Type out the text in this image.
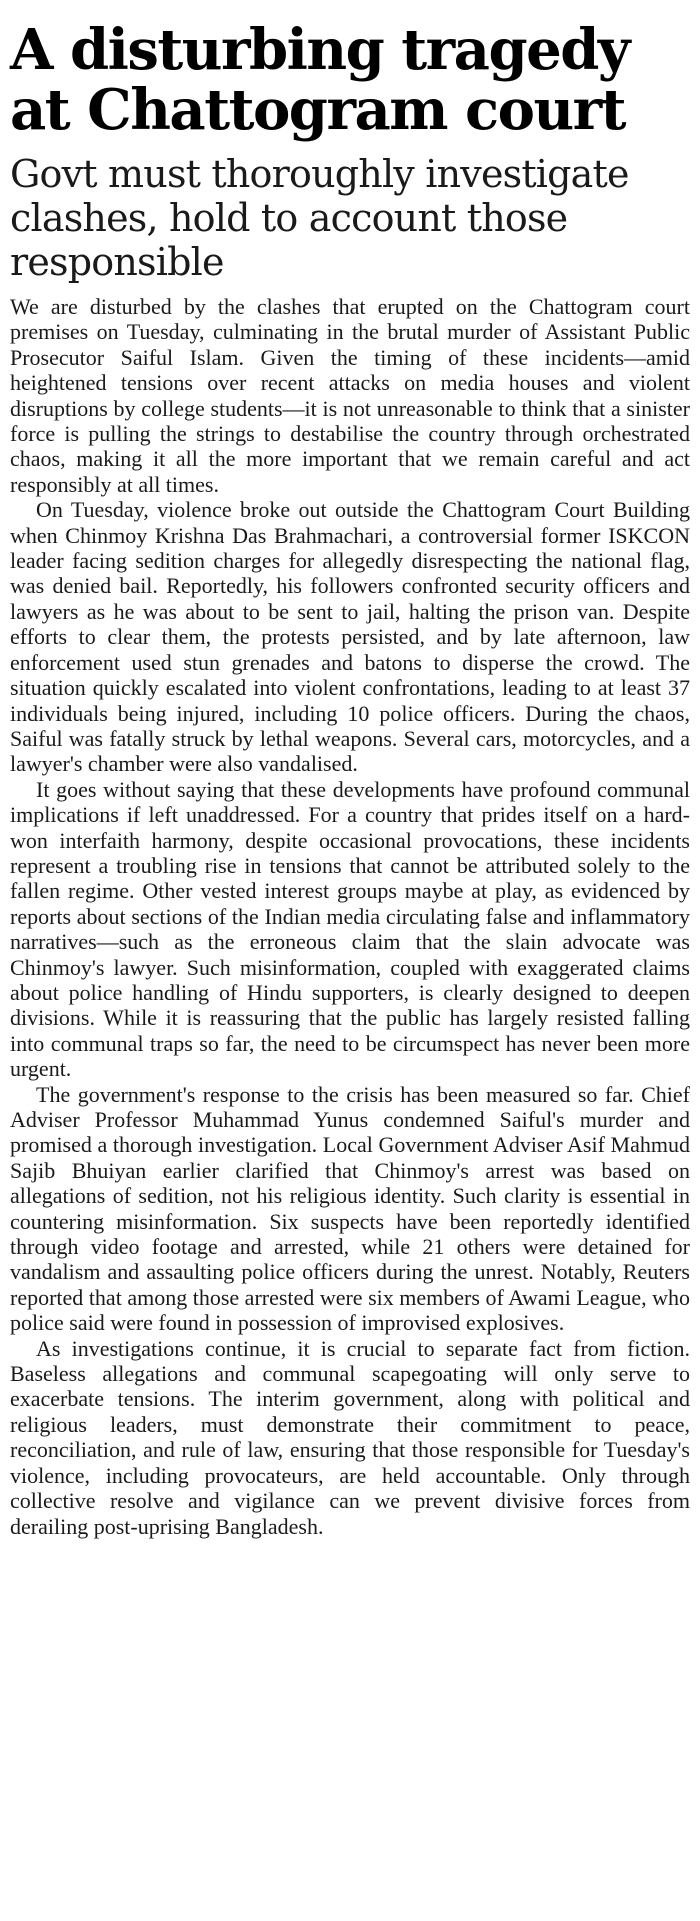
A disturbing tragedy at Chattogram court
Govt must thoroughly investigate clashes, hold to account those responsible

We are disturbed by the clashes that erupted on the Chattogram court premises on Tuesday, culminating in the brutal murder of Assistant Public Prosecutor Saiful Islam. Given the timing of these incidents—amid heightened tensions over recent attacks on media houses and violent disruptions by college students—it is not unreasonable to think that a sinister force is pulling the strings to destabilise the country through orchestrated chaos, making it all the more important that we remain careful and act responsibly at all times.

On Tuesday, violence broke out outside the Chattogram Court Building when Chinmoy Krishna Das Brahmachari, a controversial former ISKCON leader facing sedition charges for allegedly disrespecting the national flag, was denied bail. Reportedly, his followers confronted security officers and lawyers as he was about to be sent to jail, halting the prison van. Despite efforts to clear them, the protests persisted, and by late afternoon, law enforcement used stun grenades and batons to disperse the crowd. The situation quickly escalated into violent confrontations, leading to at least 37 individuals being injured, including 10 police officers. During the chaos, Saiful was fatally struck by lethal weapons. Several cars, motorcycles, and a lawyer's chamber were also vandalised.

It goes without saying that these developments have profound communal implications if left unaddressed. For a country that prides itself on a hard-won interfaith harmony, despite occasional provocations, these incidents represent a troubling rise in tensions that cannot be attributed solely to the fallen regime. Other vested interest groups maybe at play, as evidenced by reports about sections of the Indian media circulating false and inflammatory narratives—such as the erroneous claim that the slain advocate was Chinmoy's lawyer. Such misinformation, coupled with exaggerated claims about police handling of Hindu supporters, is clearly designed to deepen divisions. While it is reassuring that the public has largely resisted falling into communal traps so far, the need to be circumspect has never been more urgent.

The government's response to the crisis has been measured so far. Chief Adviser Professor Muhammad Yunus condemned Saiful's murder and promised a thorough investigation. Local Government Adviser Asif Mahmud Sajib Bhuiyan earlier clarified that Chinmoy's arrest was based on allegations of sedition, not his religious identity. Such clarity is essential in countering misinformation. Six suspects have been reportedly identified through video footage and arrested, while 21 others were detained for vandalism and assaulting police officers during the unrest. Notably, Reuters reported that among those arrested were six members of Awami League, who police said were found in possession of improvised explosives.

As investigations continue, it is crucial to separate fact from fiction. Baseless allegations and communal scapegoating will only serve to exacerbate tensions. The interim government, along with political and religious leaders, must demonstrate their commitment to peace, reconciliation, and rule of law, ensuring that those responsible for Tuesday's violence, including provocateurs, are held accountable. Only through collective resolve and vigilance can we prevent divisive forces from derailing post-uprising Bangladesh.
